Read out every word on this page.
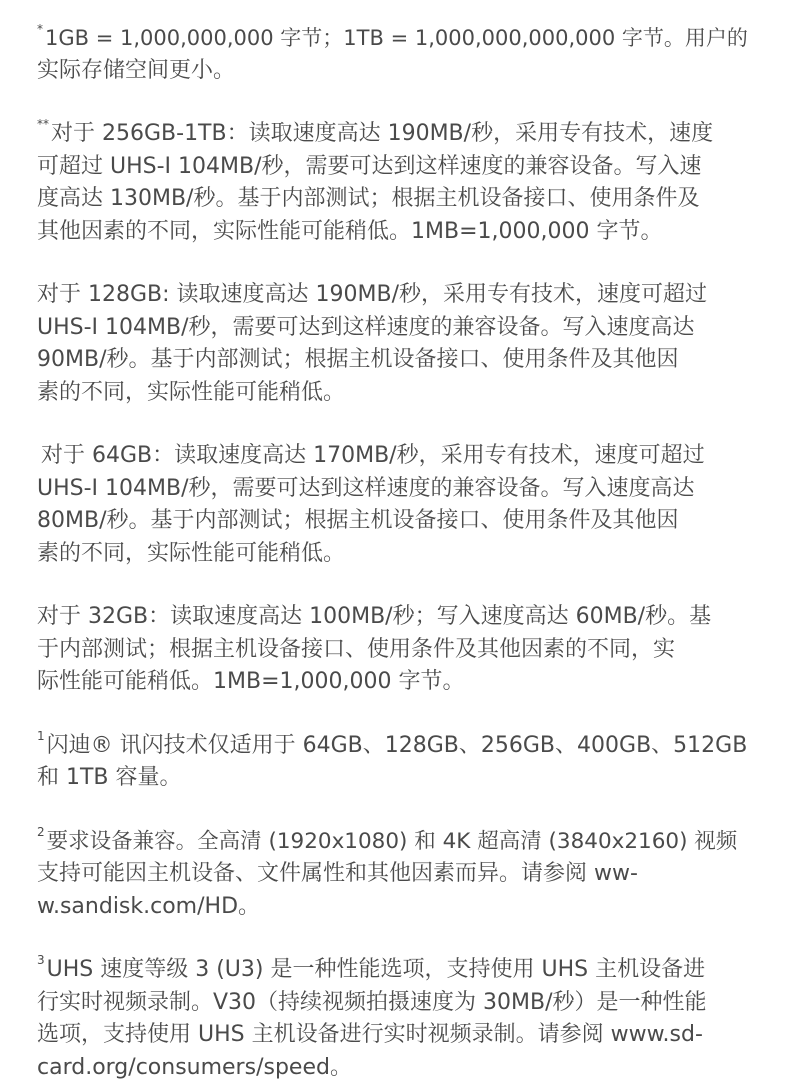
*1GB = 1,000,000,000 字节；1TB = 1,000,000,000,000 字节。用户的
实际存储空间更小。
**对于 256GB-1TB：读取速度高达 190MB/秒，采用专有技术，速度
可超过 UHS-I 104MB/秒，需要可达到这样速度的兼容设备。写入速
度高达 130MB/秒。基于内部测试；根据主机设备接口、使用条件及
其他因素的不同，实际性能可能稍低。1MB=1,000,000 字节。
对于 128GB: 读取速度高达 190MB/秒，采用专有技术，速度可超过
UHS-I 104MB/秒，需要可达到这样速度的兼容设备。写入速度高达
90MB/秒。基于内部测试；根据主机设备接口、使用条件及其他因
素的不同，实际性能可能稍低。
对于 64GB：读取速度高达 170MB/秒，采用专有技术，速度可超过
UHS-I 104MB/秒，需要可达到这样速度的兼容设备。写入速度高达
80MB/秒。基于内部测试；根据主机设备接口、使用条件及其他因
素的不同，实际性能可能稍低。
对于 32GB：读取速度高达 100MB/秒；写入速度高达 60MB/秒。基
于内部测试；根据主机设备接口、使用条件及其他因素的不同，实
际性能可能稍低。1MB=1,000,000 字节。
$^1$闪迪® 讯闪技术仅适用于 64GB、128GB、256GB、400GB、512GB
和 1TB 容量。
$^2$要求设备兼容。全高清 (1920x1080) 和 4K 超高清 (3840x2160) 视频
支持可能因主机设备、文件属性和其他因素而异。请参阅 ww-
w.sandisk.com/HD。
$^3$UHS 速度等级 3 (U3) 是一种性能选项，支持使用 UHS 主机设备进
行实时视频录制。V30（持续视频拍摄速度为 30MB/秒）是一种性能
选项，支持使用 UHS 主机设备进行实时视频录制。请参阅 www.sd-
card.org/consumers/speed。
